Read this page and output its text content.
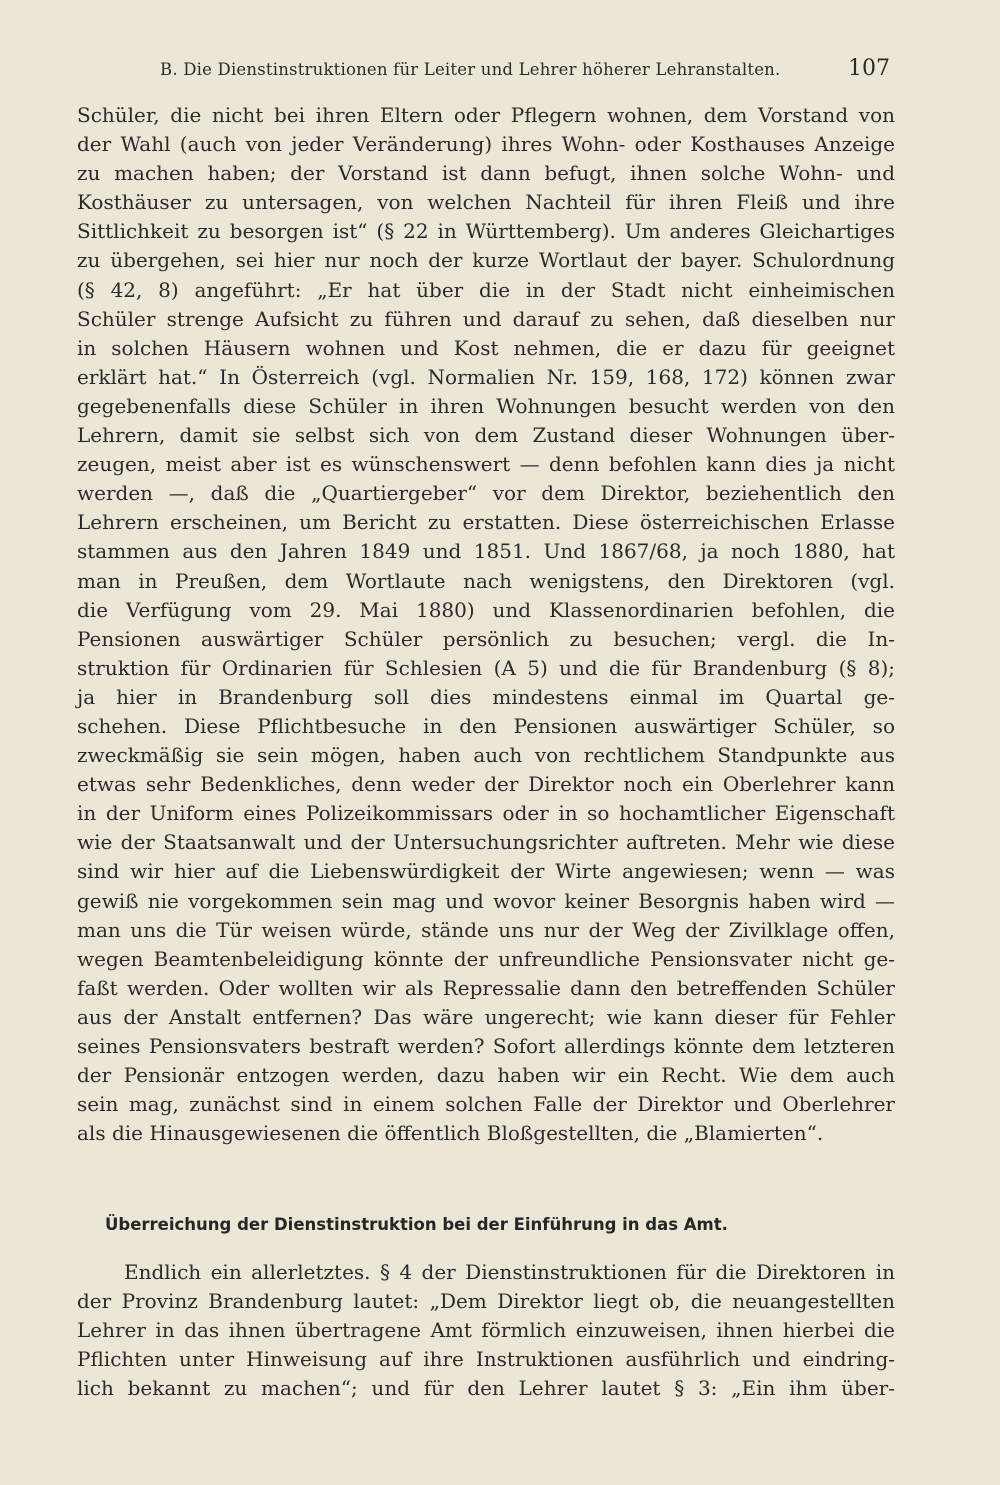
B. Die Dienstinstruktionen für Leiter und Lehrer höherer Lehranstalten.	107
Schüler, die nicht bei ihren Eltern oder Pflegern wohnen, dem Vorstand von
der Wahl (auch von jeder Veränderung) ihres Wohn- oder Kosthauses Anzeige
zu machen haben; der Vorstand ist dann befugt, ihnen solche Wohn- und
Kosthäuser zu untersagen, von welchen Nachteil für ihren Fleiß und ihre
Sittlichkeit zu besorgen ist“ (§ 22 in Württemberg). Um anderes Gleichartiges
zu übergehen, sei hier nur noch der kurze Wortlaut der bayer. Schulordnung
(§ 42, 8) angeführt: „Er hat über die in der Stadt nicht einheimischen
Schüler strenge Aufsicht zu führen und darauf zu sehen, daß dieselben nur
in solchen Häusern wohnen und Kost nehmen, die er dazu für geeignet
erklärt hat.“ In Österreich (vgl. Normalien Nr. 159, 168, 172) können zwar
gegebenenfalls diese Schüler in ihren Wohnungen besucht werden von den
Lehrern, damit sie selbst sich von dem Zustand dieser Wohnungen über-
zeugen, meist aber ist es wünschenswert — denn befohlen kann dies ja nicht
werden —, daß die „Quartiergeber“ vor dem Direktor, beziehentlich den
Lehrern erscheinen, um Bericht zu erstatten. Diese österreichischen Erlasse
stammen aus den Jahren 1849 und 1851. Und 1867/68, ja noch 1880, hat
man in Preußen, dem Wortlaute nach wenigstens, den Direktoren (vgl.
die Verfügung vom 29. Mai 1880) und Klassenordinarien befohlen, die
Pensionen auswärtiger Schüler persönlich zu besuchen; vergl. die In-
struktion für Ordinarien für Schlesien (A 5) und die für Brandenburg (§ 8);
ja hier in Brandenburg soll dies mindestens einmal im Quartal ge-
schehen. Diese Pflichtbesuche in den Pensionen auswärtiger Schüler, so
zweckmäßig sie sein mögen, haben auch von rechtlichem Standpunkte aus
etwas sehr Bedenkliches, denn weder der Direktor noch ein Oberlehrer kann
in der Uniform eines Polizeikommissars oder in so hochamtlicher Eigenschaft
wie der Staatsanwalt und der Untersuchungsrichter auftreten. Mehr wie diese
sind wir hier auf die Liebenswürdigkeit der Wirte angewiesen; wenn — was
gewiß nie vorgekommen sein mag und wovor keiner Besorgnis haben wird —
man uns die Tür weisen würde, stände uns nur der Weg der Zivilklage offen,
wegen Beamtenbeleidigung könnte der unfreundliche Pensionsvater nicht ge-
faßt werden. Oder wollten wir als Repressalie dann den betreffenden Schüler
aus der Anstalt entfernen? Das wäre ungerecht; wie kann dieser für Fehler
seines Pensionsvaters bestraft werden? Sofort allerdings könnte dem letzteren
der Pensionär entzogen werden, dazu haben wir ein Recht. Wie dem auch
sein mag, zunächst sind in einem solchen Falle der Direktor und Oberlehrer
als die Hinausgewiesenen die öffentlich Bloßgestellten, die „Blamierten“.
Überreichung der Dienstinstruktion bei der Einführung in das Amt.
Endlich ein allerletztes. § 4 der Dienstinstruktionen für die Direktoren in
der Provinz Brandenburg lautet: „Dem Direktor liegt ob, die neuangestellten
Lehrer in das ihnen übertragene Amt förmlich einzuweisen, ihnen hierbei die
Pflichten unter Hinweisung auf ihre Instruktionen ausführlich und eindring-
lich bekannt zu machen“; und für den Lehrer lautet § 3: „Ein ihm über-
